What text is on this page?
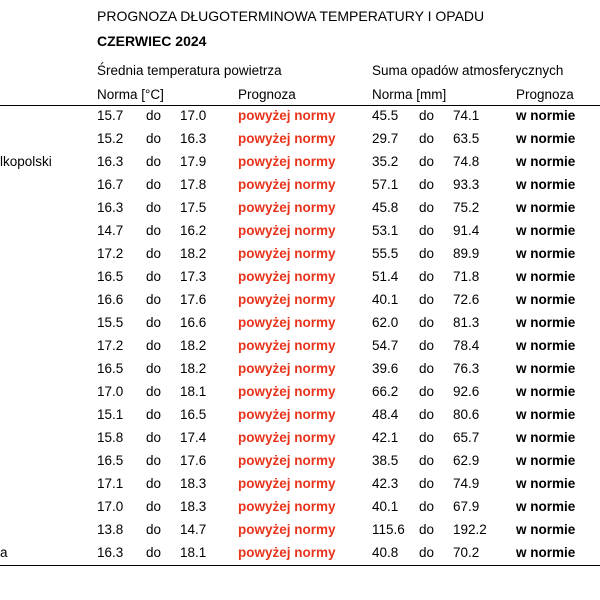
PROGNOZA DŁUGOTERMINOWA TEMPERATURY I OPADU
CZERWIEC 2024
Średnia temperatura powietrza	Suma opadów atmosferycznych
Norma [°C]	Prognoza	Norma [mm]	Prognoza
15.7 do 17.0 powyżej normy	45.5 do 74.1	w normie
15.2 do 16.3 powyżej normy	29.7 do 63.5	w normie
lkopolski	16.3 do 17.9 powyżej normy	35.2 do 74.8	w normie
16.7 do 17.8 powyżej normy	57.1 do 93.3	w normie
16.3 do 17.5 powyżej normy	45.8 do 75.2	w normie
14.7 do 16.2 powyżej normy	53.1 do 91.4	w normie
17.2 do 18.2 powyżej normy	55.5 do 89.9	w normie
16.5 do 17.3 powyżej normy	51.4 do 71.8	w normie
16.6 do 17.6 powyżej normy	40.1 do 72.6	w normie
15.5 do 16.6 powyżej normy	62.0 do 81.3	w normie
17.2 do 18.2 powyżej normy	54.7 do 78.4	w normie
16.5 do 18.2 powyżej normy	39.6 do 76.3	w normie
17.0 do 18.1 powyżej normy	66.2 do 92.6	w normie
15.1 do 16.5 powyżej normy	48.4 do 80.6	w normie
15.8 do 17.4 powyżej normy	42.1 do 65.7	w normie
16.5 do 17.6 powyżej normy	38.5 do 62.9	w normie
17.1 do 18.3 powyżej normy	42.3 do 74.9	w normie
17.0 do 18.3 powyżej normy	40.1 do 67.9	w normie
13.8 do 14.7 powyżej normy	115.6 do 192.2 w normie
a	16.3 do 18.1 powyżej normy	40.8 do 70.2	w normie
